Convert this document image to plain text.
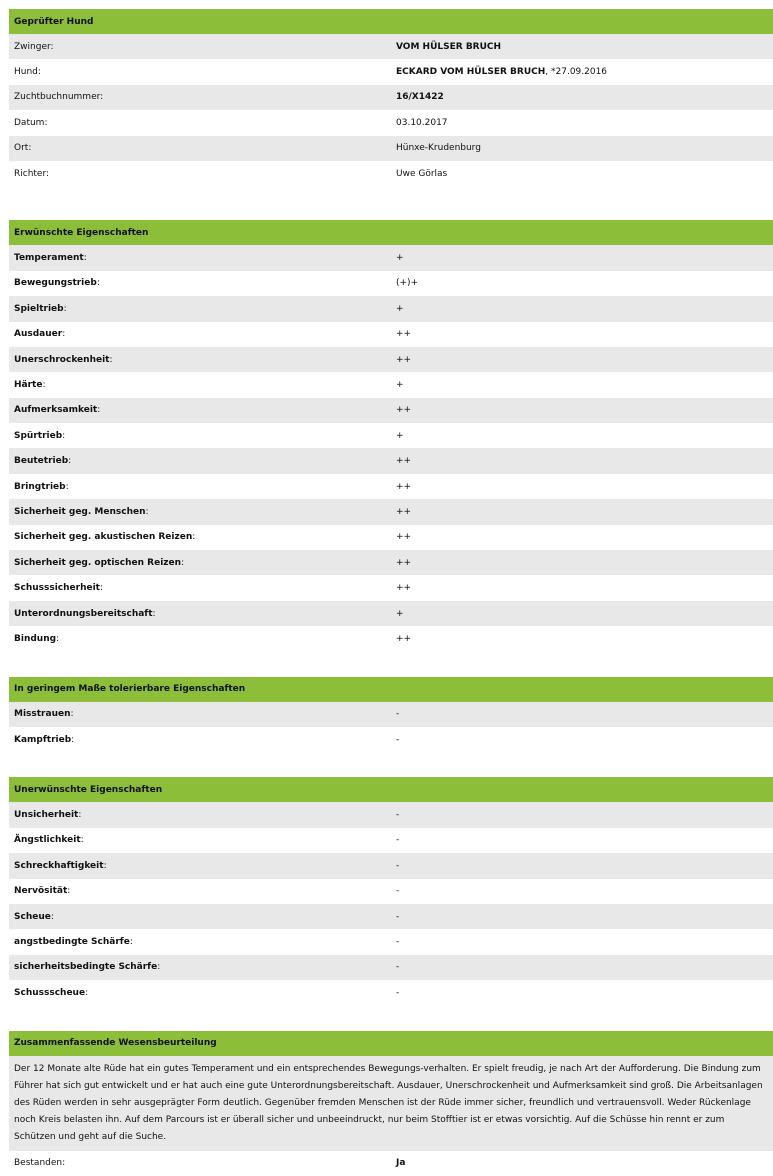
Geprüfter Hund	
Zwinger:	VOM HÜLSER BRUCH
Hund:	ECKARD VOM HÜLSER BRUCH, *27.09.2016
Zuchtbuchnummer:	16/X1422
Datum:	03.10.2017
Ort:	Hünxe-Krudenburg
Richter:	Uwe Görlas
Erwünschte Eigenschaften	
Temperament:	+
Bewegungstrieb:	(+)+
Spieltrieb:	+
Ausdauer:	++
Unerschrockenheit:	++
Härte:	+
Aufmerksamkeit:	++
Spürtrieb:	+
Beutetrieb:	++
Bringtrieb:	++
Sicherheit geg. Menschen:	++
Sicherheit geg. akustischen Reizen:	++
Sicherheit geg. optischen Reizen:	++
Schusssicherheit:	++
Unterordnungsbereitschaft:	+
Bindung:	++
In geringem Maße tolerierbare Eigenschaften	
Misstrauen:	-
Kampftrieb:	-
Unerwünschte Eigenschaften	
Unsicherheit:	-
Ängstlichkeit:	-
Schreckhaftigkeit:	-
Nervösität:	-
Scheue:	-
angstbedingte Schärfe:	-
sicherheitsbedingte Schärfe:	-
Schussscheue:	-
Zusammenfassende Wesensbeurteilung
Der 12 Monate alte Rüde hat ein gutes Temperament und ein entsprechendes Bewegungs-verhalten. Er spielt freudig, je nach Art der Aufforderung. Die Bindung zum Führer hat sich gut entwickelt und er hat auch eine gute Unterordnungsbereitschaft. Ausdauer, Unerschrockenheit und Aufmerksamkeit sind groß. Die Arbeitsanlagen des Rüden werden in sehr ausgeprägter Form deutlich. Gegenüber fremden Menschen ist der Rüde immer sicher, freundlich und vertrauensvoll. Weder Rückenlage noch Kreis belasten ihn. Auf dem Parcours ist er überall sicher und unbeeindruckt, nur beim Stofftier ist er etwas vorsichtig. Auf die Schüsse hin rennt er zum Schützen und geht auf die Suche.
Bestanden:	Ja
